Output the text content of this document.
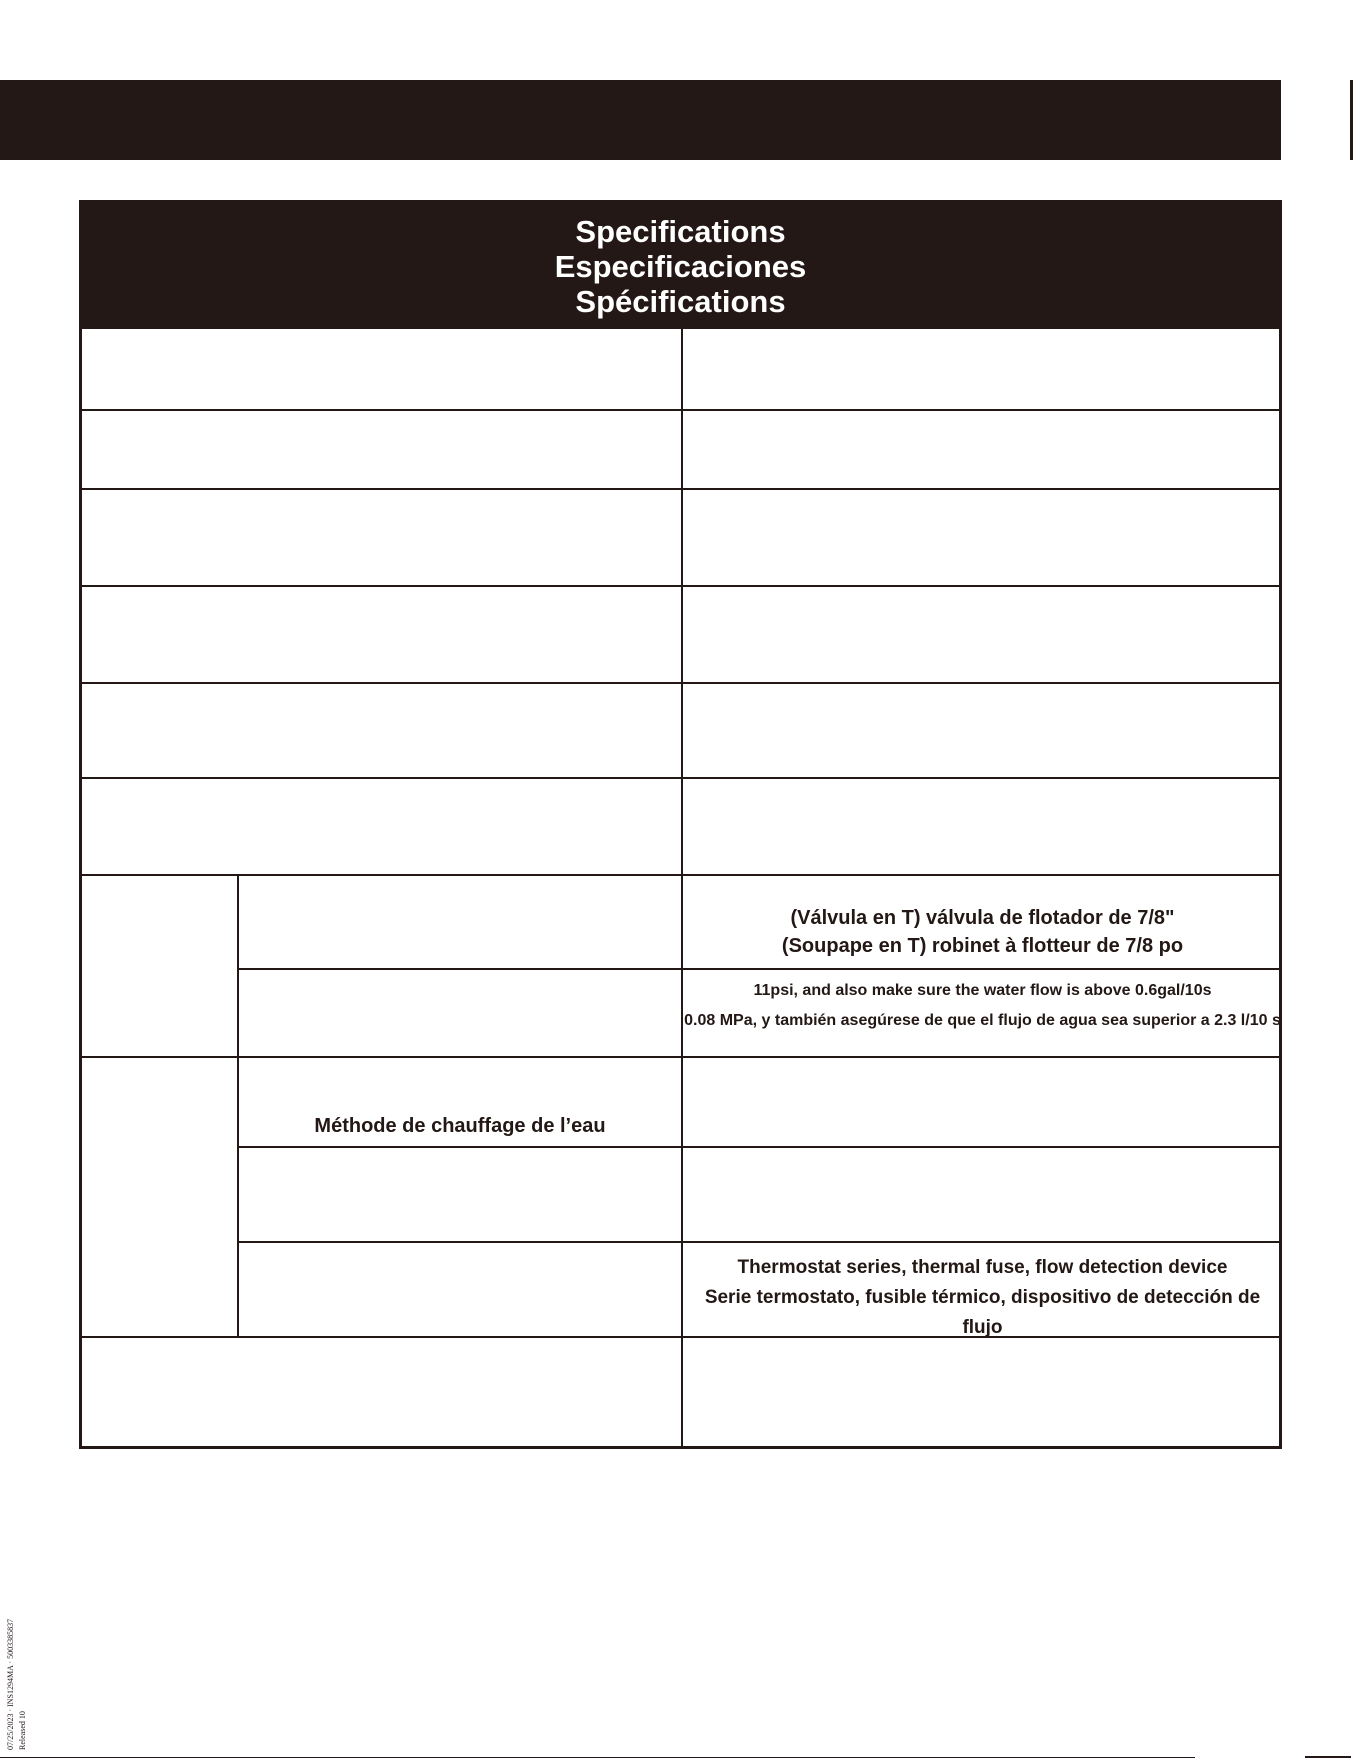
Specifications
Especificaciones
Spécifications
(Válvula en T) válvula de flotador de 7/8"
(Soupape en T) robinet à flotteur de 7/8 po
11psi, and also make sure the water flow is above 0.6gal/10s
0.08 MPa, y también asegúrese de que el flujo de agua sea superior a 2.3 l/10 s
Méthode de chauffage de l’eau
Thermostat series, thermal fuse, flow detection device
Serie termostato, fusible térmico, dispositivo de detección de flujo
07/25/2023 · INS1294MA · 5003385837 Released 10
